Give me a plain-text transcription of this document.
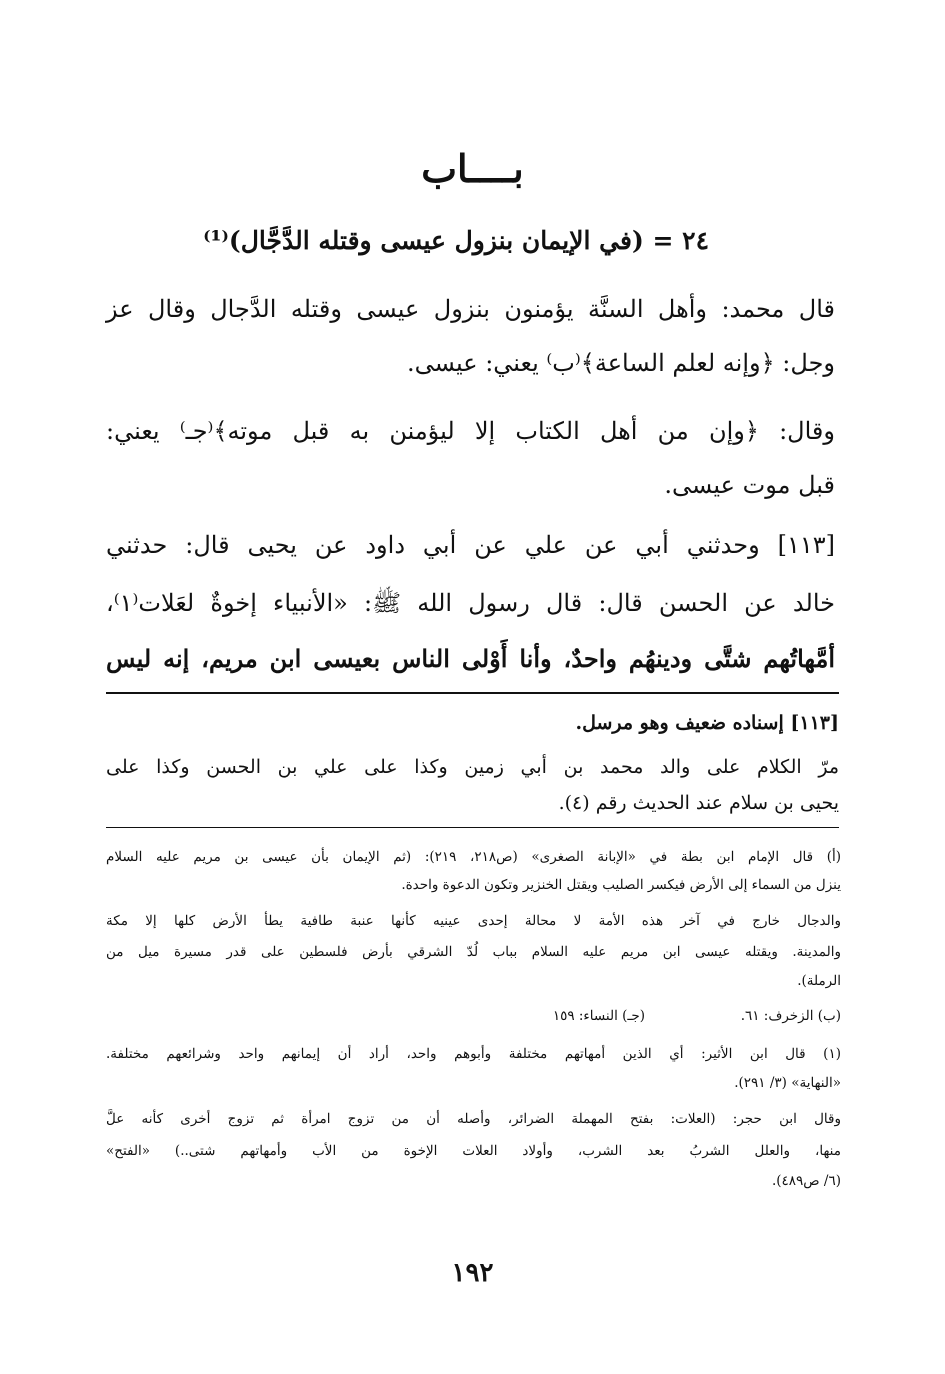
بــــاب
٢٤ = (في الإيمان بنزول عيسى وقتله الدَّجَّال)⁽¹⁾
قال محمد: وأهل السنَّة يؤمنون بنزول عيسى وقتله الدَّجال وقال عز
وجل: ﴿وإنه لعلم الساعة﴾⁽ب⁾ يعني: عيسى.
وقال: ﴿وإن من أهل الكتاب إلا ليؤمنن به قبل موته﴾⁽جـ⁾ يعني:
قبل موت عيسى.
[١١٣] وحدثني أبي عن علي عن أبي داود عن يحيى قال: حدثني
خالد عن الحسن قال: قال رسول الله ﷺ: «الأنبياء إخوةٌ لعَلات⁽١⁾،
أمَّهاتُهم شتَّى ودينهُم واحدٌ، وأنا أَوْلى الناس بعيسى ابن مريم، إنه ليس
[١١٣] إسناده ضعيف وهو مرسل.
مرّ الكلام على والد محمد بن أبي زمين وكذا على علي بن الحسن وكذا على
يحيى بن سلام عند الحديث رقم (٤).
(أ) قال الإمام ابن بطة في «الإبانة الصغرى» (ص٢١٨، ٢١٩): (ثم الإيمان بأن عيسى بن مريم عليه السلام
ينزل من السماء إلى الأرض فيكسر الصليب ويقتل الخنزير وتكون الدعوة واحدة.
والدجال خارج في آخر هذه الأمة لا محالة إحدى عينيه كأنها عنبة طافية يطأ الأرض كلها إلا مكة
والمدينة. ويقتله عيسى ابن مريم عليه السلام بباب لُدّ الشرقي بأرض فلسطين على قدر مسيرة ميل من
الرملة).
(ب) الزخرف: ٦١.
(جـ) النساء: ١٥٩
(١) قال ابن الأثير: أي الذين أمهاتهم مختلفة وأبوهم واحد، أراد أن إيمانهم واحد وشرائعهم مختلفة.
«النهاية» (٣/ ٢٩١).
وقال ابن حجر: (العلات: بفتح المهملة الضرائر، وأصله أن من تزوج امرأة ثم تزوج أخرى كأنه علَّ
منها، والعلل الشربُ بعد الشرب، وأولاد العلات الإخوة من الأب وأمهاتهم شتى..) «الفتح»
(٦/ ص٤٨٩).
١٩٢
